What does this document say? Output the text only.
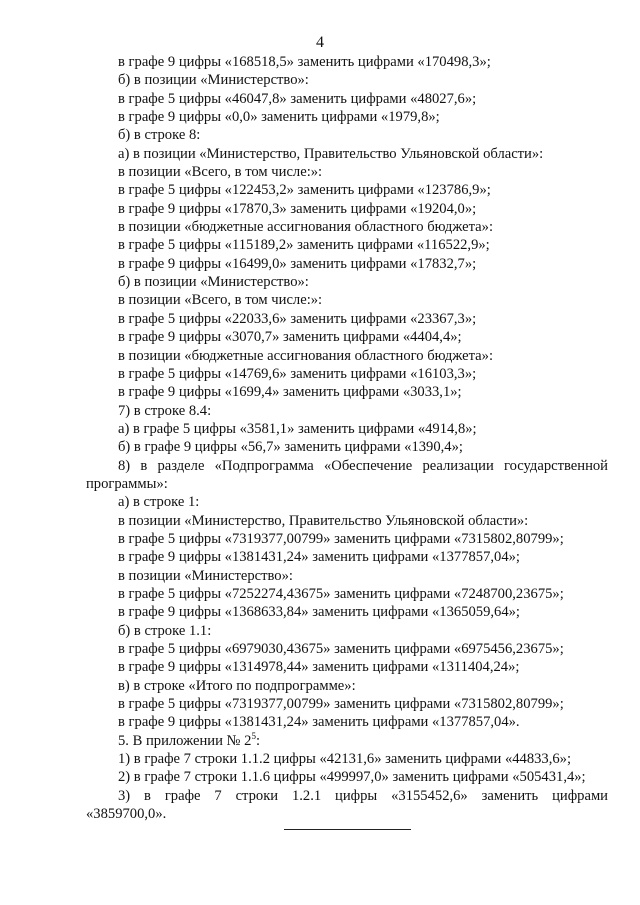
4
в графе 9 цифры «168518,5» заменить цифрами «170498,3»;
б) в позиции «Министерство»:
в графе 5 цифры «46047,8» заменить цифрами «48027,6»;
в графе 9 цифры «0,0» заменить цифрами «1979,8»;
б) в строке 8:
а) в позиции «Министерство, Правительство Ульяновской области»:
в позиции «Всего, в том числе:»:
в графе 5 цифры «122453,2» заменить цифрами «123786,9»;
в графе 9 цифры «17870,3» заменить цифрами «19204,0»;
в позиции «бюджетные ассигнования областного бюджета»:
в графе 5 цифры «115189,2» заменить цифрами «116522,9»;
в графе 9 цифры «16499,0» заменить цифрами «17832,7»;
б) в позиции «Министерство»:
в позиции «Всего, в том числе:»:
в графе 5 цифры «22033,6» заменить цифрами «23367,3»;
в графе 9 цифры «3070,7» заменить цифрами «4404,4»;
в позиции «бюджетные ассигнования областного бюджета»:
в графе 5 цифры «14769,6» заменить цифрами «16103,3»;
в графе 9 цифры «1699,4» заменить цифрами «3033,1»;
7) в строке 8.4:
а) в графе 5 цифры «3581,1» заменить цифрами «4914,8»;
б) в графе 9 цифры «56,7» заменить цифрами «1390,4»;
8) в разделе «Подпрограмма «Обеспечение реализации государственной
программы»:
а) в строке 1:
в позиции «Министерство, Правительство Ульяновской области»:
в графе 5 цифры «7319377,00799» заменить цифрами «7315802,80799»;
в графе 9 цифры «1381431,24» заменить цифрами «1377857,04»;
в позиции «Министерство»:
в графе 5 цифры «7252274,43675» заменить цифрами «7248700,23675»;
в графе 9 цифры «1368633,84» заменить цифрами «1365059,64»;
б) в строке 1.1:
в графе 5 цифры «6979030,43675» заменить цифрами «6975456,23675»;
в графе 9 цифры «1314978,44» заменить цифрами «1311404,24»;
в) в строке «Итого по подпрограмме»:
в графе 5 цифры «7319377,00799» заменить цифрами «7315802,80799»;
в графе 9 цифры «1381431,24» заменить цифрами «1377857,04».
5. В приложении № $2^5$:
1) в графе 7 строки 1.1.2 цифры «42131,6» заменить цифрами «44833,6»;
2) в графе 7 строки 1.1.6 цифры «499997,0» заменить цифрами «505431,4»;
3) в графе 7 строки 1.2.1 цифры «3155452,6» заменить цифрами
«3859700,0».
